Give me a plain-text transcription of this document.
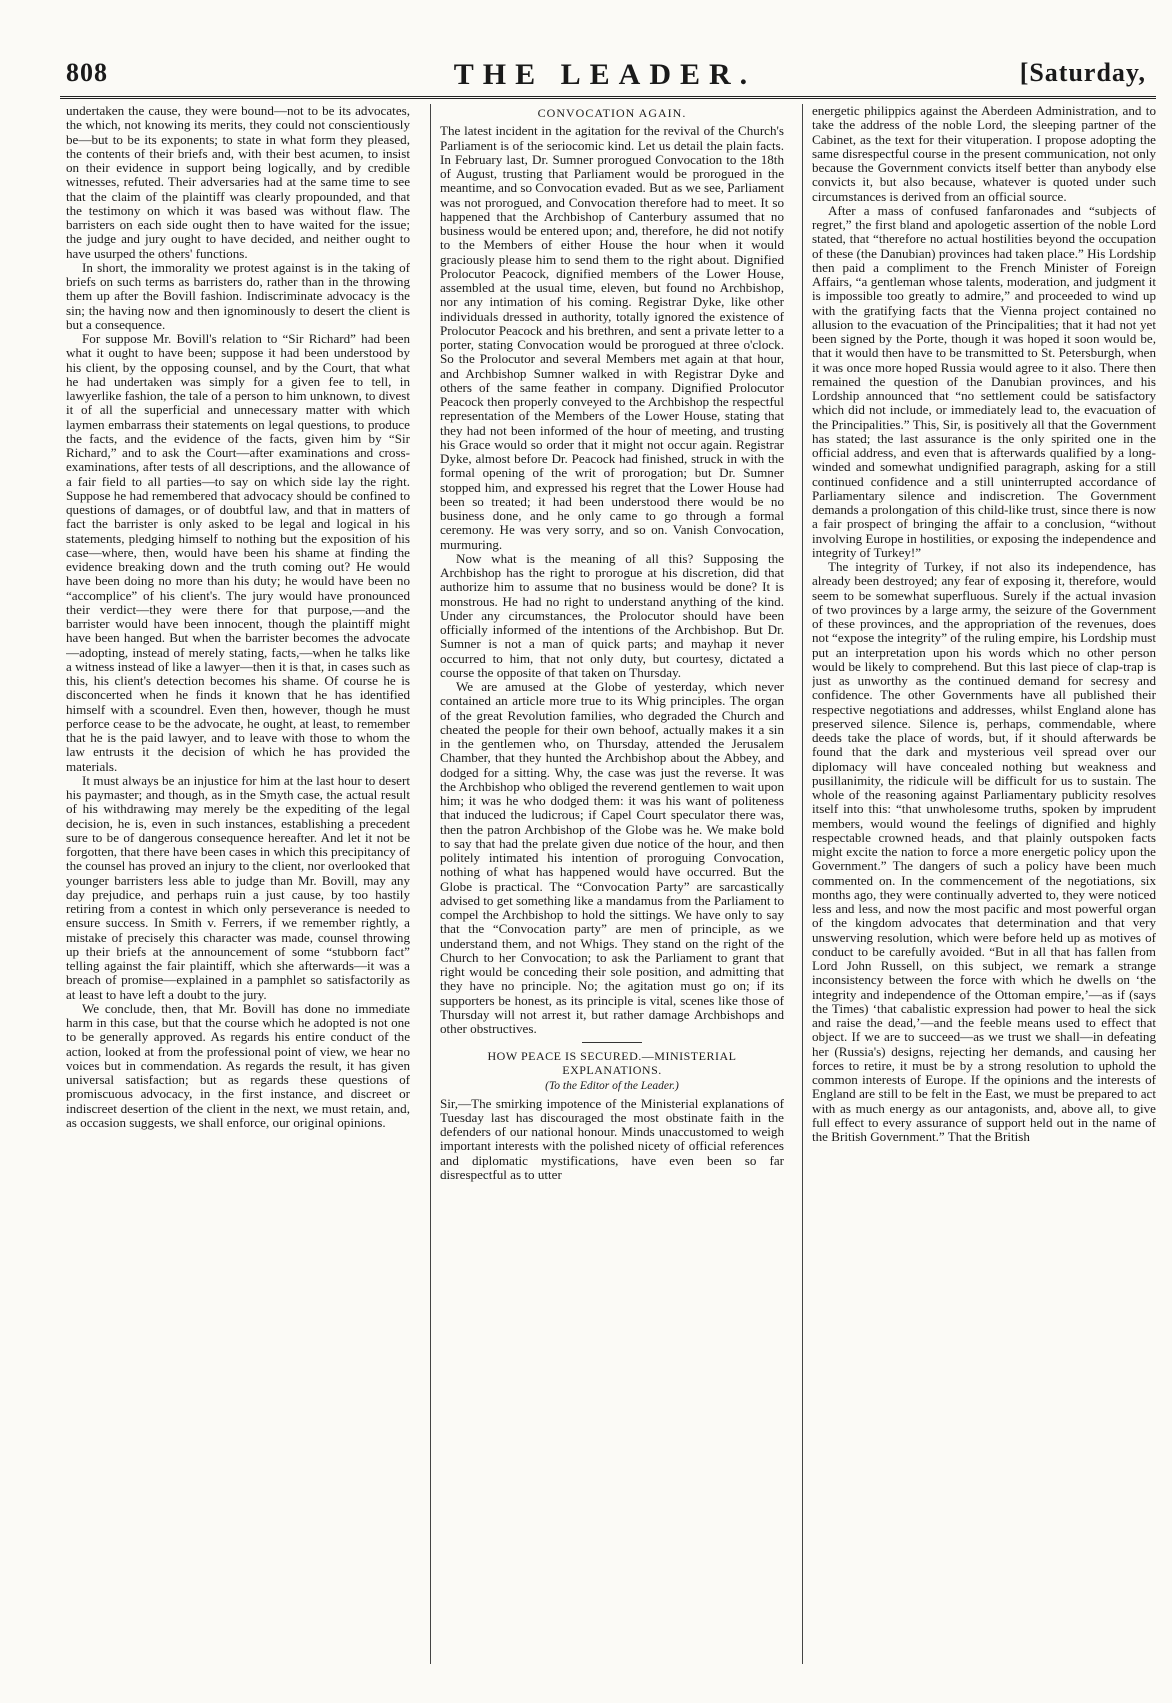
808	THE LEADER.	[Saturday,

undertaken the cause, they were bound—not to be its advocates, the which, not knowing its merits, they could not conscientiously be—but to be its exponents; to state in what form they pleased, the contents of their briefs and, with their best acumen, to insist on their evidence in support being logically, and by credible witnesses, refuted. Their adversaries had at the same time to see that the claim of the plaintiff was clearly propounded, and that the testimony on which it was based was without flaw. The barristers on each side ought then to have waited for the issue; the judge and jury ought to have decided, and neither ought to have usurped the others' functions.

In short, the immorality we protest against is in the taking of briefs on such terms as barristers do, rather than in the throwing them up after the Bovill fashion. Indiscriminate advocacy is the sin; the having now and then ignominously to desert the client is but a consequence.

For suppose Mr. Bovill's relation to “Sir Richard” had been what it ought to have been; suppose it had been understood by his client, by the opposing counsel, and by the Court, that what he had undertaken was simply for a given fee to tell, in lawyerlike fashion, the tale of a person to him unknown, to divest it of all the superficial and unnecessary matter with which laymen embarrass their statements on legal questions, to produce the facts, and the evidence of the facts, given him by “Sir Richard,” and to ask the Court—after examinations and cross-examinations, after tests of all descriptions, and the allowance of a fair field to all parties—to say on which side lay the right. Suppose he had remembered that advocacy should be confined to questions of damages, or of doubtful law, and that in matters of fact the barrister is only asked to be legal and logical in his statements, pledging himself to nothing but the exposition of his case—where, then, would have been his shame at finding the evidence breaking down and the truth coming out? He would have been doing no more than his duty; he would have been no “accomplice” of his client's. The jury would have pronounced their verdict—they were there for that purpose,—and the barrister would have been innocent, though the plaintiff might have been hanged. But when the barrister becomes the advocate—adopting, instead of merely stating, facts,—when he talks like a witness instead of like a lawyer—then it is that, in cases such as this, his client's detection becomes his shame. Of course he is disconcerted when he finds it known that he has identified himself with a scoundrel. Even then, however, though he must perforce cease to be the advocate, he ought, at least, to remember that he is the paid lawyer, and to leave with those to whom the law entrusts it the decision of which he has provided the materials.

It must always be an injustice for him at the last hour to desert his paymaster; and though, as in the Smyth case, the actual result of his withdrawing may merely be the expediting of the legal decision, he is, even in such instances, establishing a precedent sure to be of dangerous consequence hereafter. And let it not be forgotten, that there have been cases in which this precipitancy of the counsel has proved an injury to the client, nor overlooked that younger barristers less able to judge than Mr. Bovill, may any day prejudice, and perhaps ruin a just cause, by too hastily retiring from a contest in which only perseverance is needed to ensure success. In Smith v. Ferrers, if we remember rightly, a mistake of precisely this character was made, counsel throwing up their briefs at the announcement of some “stubborn fact” telling against the fair plaintiff, which she afterwards—it was a breach of promise—explained in a pamphlet so satisfactorily as at least to have left a doubt to the jury.

We conclude, then, that Mr. Bovill has done no immediate harm in this case, but that the course which he adopted is not one to be generally approved. As regards his entire conduct of the action, looked at from the professional point of view, we hear no voices but in commendation. As regards the result, it has given universal satisfaction; but as regards these questions of promiscuous advocacy, in the first instance, and discreet or indiscreet desertion of the client in the next, we must retain, and, as occasion suggests, we shall enforce, our original opinions.

CONVOCATION AGAIN.

The latest incident in the agitation for the revival of the Church's Parliament is of the seriocomic kind. Let us detail the plain facts. In February last, Dr. Sumner prorogued Convocation to the 18th of August, trusting that Parliament would be prorogued in the meantime, and so Convocation evaded. But as we see, Parliament was not prorogued, and Convocation therefore had to meet. It so happened that the Archbishop of Canterbury assumed that no business would be entered upon; and, therefore, he did not notify to the Members of either House the hour when it would graciously please him to send them to the right about. Dignified Prolocutor Peacock, dignified members of the Lower House, assembled at the usual time, eleven, but found no Archbishop, nor any intimation of his coming. Registrar Dyke, like other individuals dressed in authority, totally ignored the existence of Prolocutor Peacock and his brethren, and sent a private letter to a porter, stating Convocation would be prorogued at three o'clock. So the Prolocutor and several Members met again at that hour, and Archbishop Sumner walked in with Registrar Dyke and others of the same feather in company. Dignified Prolocutor Peacock then properly conveyed to the Archbishop the respectful representation of the Members of the Lower House, stating that they had not been informed of the hour of meeting, and trusting his Grace would so order that it might not occur again. Registrar Dyke, almost before Dr. Peacock had finished, struck in with the formal opening of the writ of prorogation; but Dr. Sumner stopped him, and expressed his regret that the Lower House had been so treated; it had been understood there would be no business done, and he only came to go through a formal ceremony. He was very sorry, and so on. Vanish Convocation, murmuring.

Now what is the meaning of all this? Supposing the Archbishop has the right to prorogue at his discretion, did that authorize him to assume that no business would be done? It is monstrous. He had no right to understand anything of the kind. Under any circumstances, the Prolocutor should have been officially informed of the intentions of the Archbishop. But Dr. Sumner is not a man of quick parts; and mayhap it never occurred to him, that not only duty, but courtesy, dictated a course the opposite of that taken on Thursday.

We are amused at the Globe of yesterday, which never contained an article more true to its Whig principles. The organ of the great Revolution families, who degraded the Church and cheated the people for their own behoof, actually makes it a sin in the gentlemen who, on Thursday, attended the Jerusalem Chamber, that they hunted the Archbishop about the Abbey, and dodged for a sitting. Why, the case was just the reverse. It was the Archbishop who obliged the reverend gentlemen to wait upon him; it was he who dodged them: it was his want of politeness that induced the ludicrous; if Capel Court speculator there was, then the patron Archbishop of the Globe was he. We make bold to say that had the prelate given due notice of the hour, and then politely intimated his intention of proroguing Convocation, nothing of what has happened would have occurred. But the Globe is practical. The “Convocation Party” are sarcastically advised to get something like a mandamus from the Parliament to compel the Archbishop to hold the sittings. We have only to say that the “Convocation party” are men of principle, as we understand them, and not Whigs. They stand on the right of the Church to her Convocation; to ask the Parliament to grant that right would be conceding their sole position, and admitting that they have no principle. No; the agitation must go on; if its supporters be honest, as its principle is vital, scenes like those of Thursday will not arrest it, but rather damage Archbishops and other obstructives.

HOW PEACE IS SECURED.—MINISTERIAL EXPLANATIONS.
(To the Editor of the Leader.)

Sir,—The smirking impotence of the Ministerial explanations of Tuesday last has discouraged the most obstinate faith in the defenders of our national honour. Minds unaccustomed to weigh important interests with the polished nicety of official references and diplomatic mystifications, have even been so far disrespectful as to utter

energetic philippics against the Aberdeen Administration, and to take the address of the noble Lord, the sleeping partner of the Cabinet, as the text for their vituperation. I propose adopting the same disrespectful course in the present communication, not only because the Government convicts itself better than anybody else convicts it, but also because, whatever is quoted under such circumstances is derived from an official source.

After a mass of confused fanfaronades and “subjects of regret,” the first bland and apologetic assertion of the noble Lord stated, that “therefore no actual hostilities beyond the occupation of these (the Danubian) provinces had taken place.” His Lordship then paid a compliment to the French Minister of Foreign Affairs, “a gentleman whose talents, moderation, and judgment it is impossible too greatly to admire,” and proceeded to wind up with the gratifying facts that the Vienna project contained no allusion to the evacuation of the Principalities; that it had not yet been signed by the Porte, though it was hoped it soon would be, that it would then have to be transmitted to St. Petersburgh, when it was once more hoped Russia would agree to it also. There then remained the question of the Danubian provinces, and his Lordship announced that “no settlement could be satisfactory which did not include, or immediately lead to, the evacuation of the Principalities.” This, Sir, is positively all that the Government has stated; the last assurance is the only spirited one in the official address, and even that is afterwards qualified by a long-winded and somewhat undignified paragraph, asking for a still continued confidence and a still uninterrupted accordance of Parliamentary silence and indiscretion. The Government demands a prolongation of this child-like trust, since there is now a fair prospect of bringing the affair to a conclusion, “without involving Europe in hostilities, or exposing the independence and integrity of Turkey!”

The integrity of Turkey, if not also its independence, has already been destroyed; any fear of exposing it, therefore, would seem to be somewhat superfluous. Surely if the actual invasion of two provinces by a large army, the seizure of the Government of these provinces, and the appropriation of the revenues, does not “expose the integrity” of the ruling empire, his Lordship must put an interpretation upon his words which no other person would be likely to comprehend. But this last piece of clap-trap is just as unworthy as the continued demand for secresy and confidence. The other Governments have all published their respective negotiations and addresses, whilst England alone has preserved silence. Silence is, perhaps, commendable, where deeds take the place of words, but, if it should afterwards be found that the dark and mysterious veil spread over our diplomacy will have concealed nothing but weakness and pusillanimity, the ridicule will be difficult for us to sustain. The whole of the reasoning against Parliamentary publicity resolves itself into this: “that unwholesome truths, spoken by imprudent members, would wound the feelings of dignified and highly respectable crowned heads, and that plainly outspoken facts might excite the nation to force a more energetic policy upon the Government.” The dangers of such a policy have been much commented on. In the commencement of the negotiations, six months ago, they were continually adverted to, they were noticed less and less, and now the most pacific and most powerful organ of the kingdom advocates that determination and that very unswerving resolution, which were before held up as motives of conduct to be carefully avoided. “But in all that has fallen from Lord John Russell, on this subject, we remark a strange inconsistency between the force with which he dwells on ‘the integrity and independence of the Ottoman empire,’—as if (says the Times) ‘that cabalistic expression had power to heal the sick and raise the dead,’—and the feeble means used to effect that object. If we are to succeed—as we trust we shall—in defeating her (Russia's) designs, rejecting her demands, and causing her forces to retire, it must be by a strong resolution to uphold the common interests of Europe. If the opinions and the interests of England are still to be felt in the East, we must be prepared to act with as much energy as our antagonists, and, above all, to give full effect to every assurance of support held out in the name of the British Government.” That the British
